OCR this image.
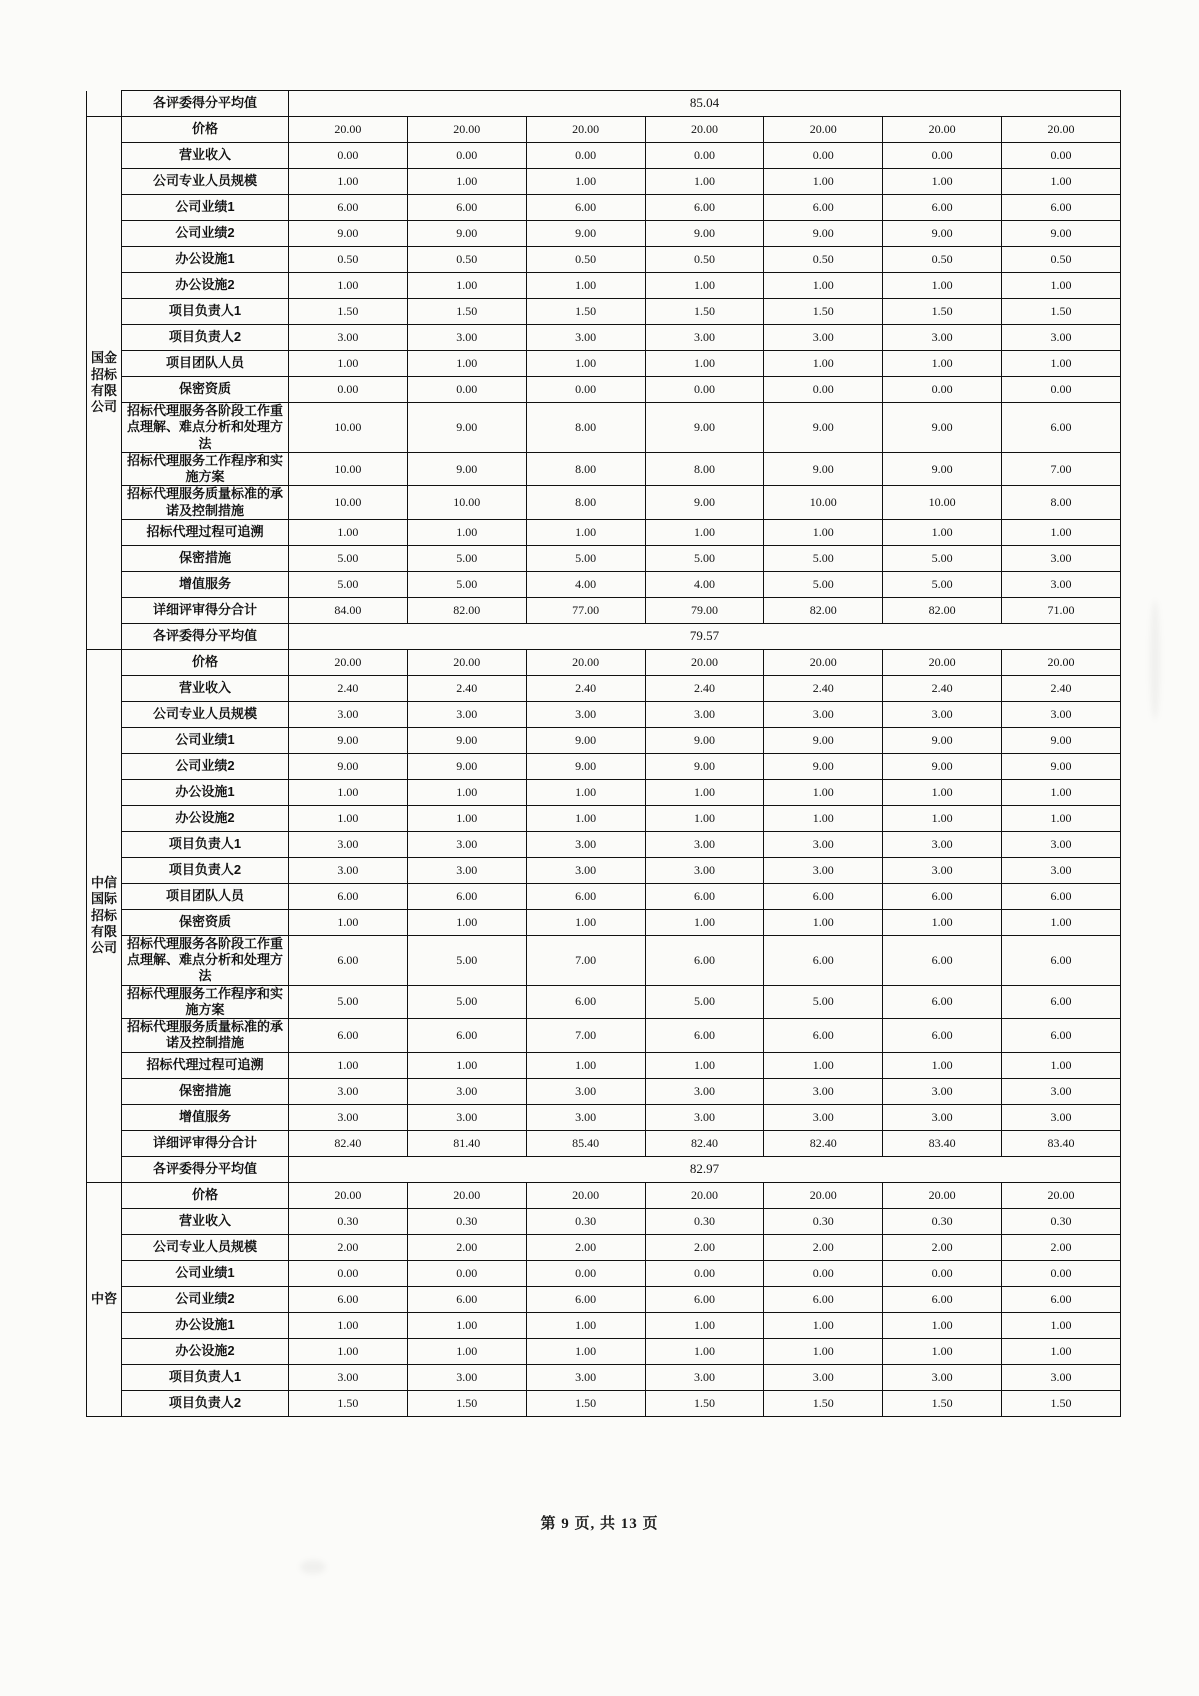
	各评委得分平均值	85.04						
国金招标有限公司	价格	20.00	20.00	20.00	20.00	20.00	20.00	20.00
	营业收入	0.00	0.00	0.00	0.00	0.00	0.00	0.00
	公司专业人员规模	1.00	1.00	1.00	1.00	1.00	1.00	1.00
	公司业绩1	6.00	6.00	6.00	6.00	6.00	6.00	6.00
	公司业绩2	9.00	9.00	9.00	9.00	9.00	9.00	9.00
	办公设施1	0.50	0.50	0.50	0.50	0.50	0.50	0.50
	办公设施2	1.00	1.00	1.00	1.00	1.00	1.00	1.00
	项目负责人1	1.50	1.50	1.50	1.50	1.50	1.50	1.50
	项目负责人2	3.00	3.00	3.00	3.00	3.00	3.00	3.00
	项目团队人员	1.00	1.00	1.00	1.00	1.00	1.00	1.00
	保密资质	0.00	0.00	0.00	0.00	0.00	0.00	0.00
	招标代理服务各阶段工作重点理解、难点分析和处理方法	10.00	9.00	8.00	9.00	9.00	9.00	6.00
	招标代理服务工作程序和实施方案	10.00	9.00	8.00	8.00	9.00	9.00	7.00
	招标代理服务质量标准的承诺及控制措施	10.00	10.00	8.00	9.00	10.00	10.00	8.00
	招标代理过程可追溯	1.00	1.00	1.00	1.00	1.00	1.00	1.00
	保密措施	5.00	5.00	5.00	5.00	5.00	5.00	3.00
	增值服务	5.00	5.00	4.00	4.00	5.00	5.00	3.00
	详细评审得分合计	84.00	82.00	77.00	79.00	82.00	82.00	71.00
	各评委得分平均值	79.57						
中信国际招标有限公司	价格	20.00	20.00	20.00	20.00	20.00	20.00	20.00
	营业收入	2.40	2.40	2.40	2.40	2.40	2.40	2.40
	公司专业人员规模	3.00	3.00	3.00	3.00	3.00	3.00	3.00
	公司业绩1	9.00	9.00	9.00	9.00	9.00	9.00	9.00
	公司业绩2	9.00	9.00	9.00	9.00	9.00	9.00	9.00
	办公设施1	1.00	1.00	1.00	1.00	1.00	1.00	1.00
	办公设施2	1.00	1.00	1.00	1.00	1.00	1.00	1.00
	项目负责人1	3.00	3.00	3.00	3.00	3.00	3.00	3.00
	项目负责人2	3.00	3.00	3.00	3.00	3.00	3.00	3.00
	项目团队人员	6.00	6.00	6.00	6.00	6.00	6.00	6.00
	保密资质	1.00	1.00	1.00	1.00	1.00	1.00	1.00
	招标代理服务各阶段工作重点理解、难点分析和处理方法	6.00	5.00	7.00	6.00	6.00	6.00	6.00
	招标代理服务工作程序和实施方案	5.00	5.00	6.00	5.00	5.00	6.00	6.00
	招标代理服务质量标准的承诺及控制措施	6.00	6.00	7.00	6.00	6.00	6.00	6.00
	招标代理过程可追溯	1.00	1.00	1.00	1.00	1.00	1.00	1.00
	保密措施	3.00	3.00	3.00	3.00	3.00	3.00	3.00
	增值服务	3.00	3.00	3.00	3.00	3.00	3.00	3.00
	详细评审得分合计	82.40	81.40	85.40	82.40	82.40	83.40	83.40
	各评委得分平均值	82.97						
中咨	价格	20.00	20.00	20.00	20.00	20.00	20.00	20.00
	营业收入	0.30	0.30	0.30	0.30	0.30	0.30	0.30
	公司专业人员规模	2.00	2.00	2.00	2.00	2.00	2.00	2.00
	公司业绩1	0.00	0.00	0.00	0.00	0.00	0.00	0.00
	公司业绩2	6.00	6.00	6.00	6.00	6.00	6.00	6.00
	办公设施1	1.00	1.00	1.00	1.00	1.00	1.00	1.00
	办公设施2	1.00	1.00	1.00	1.00	1.00	1.00	1.00
	项目负责人1	3.00	3.00	3.00	3.00	3.00	3.00	3.00
	项目负责人2	1.50	1.50	1.50	1.50	1.50	1.50	1.50
第 9 页, 共 13 页
